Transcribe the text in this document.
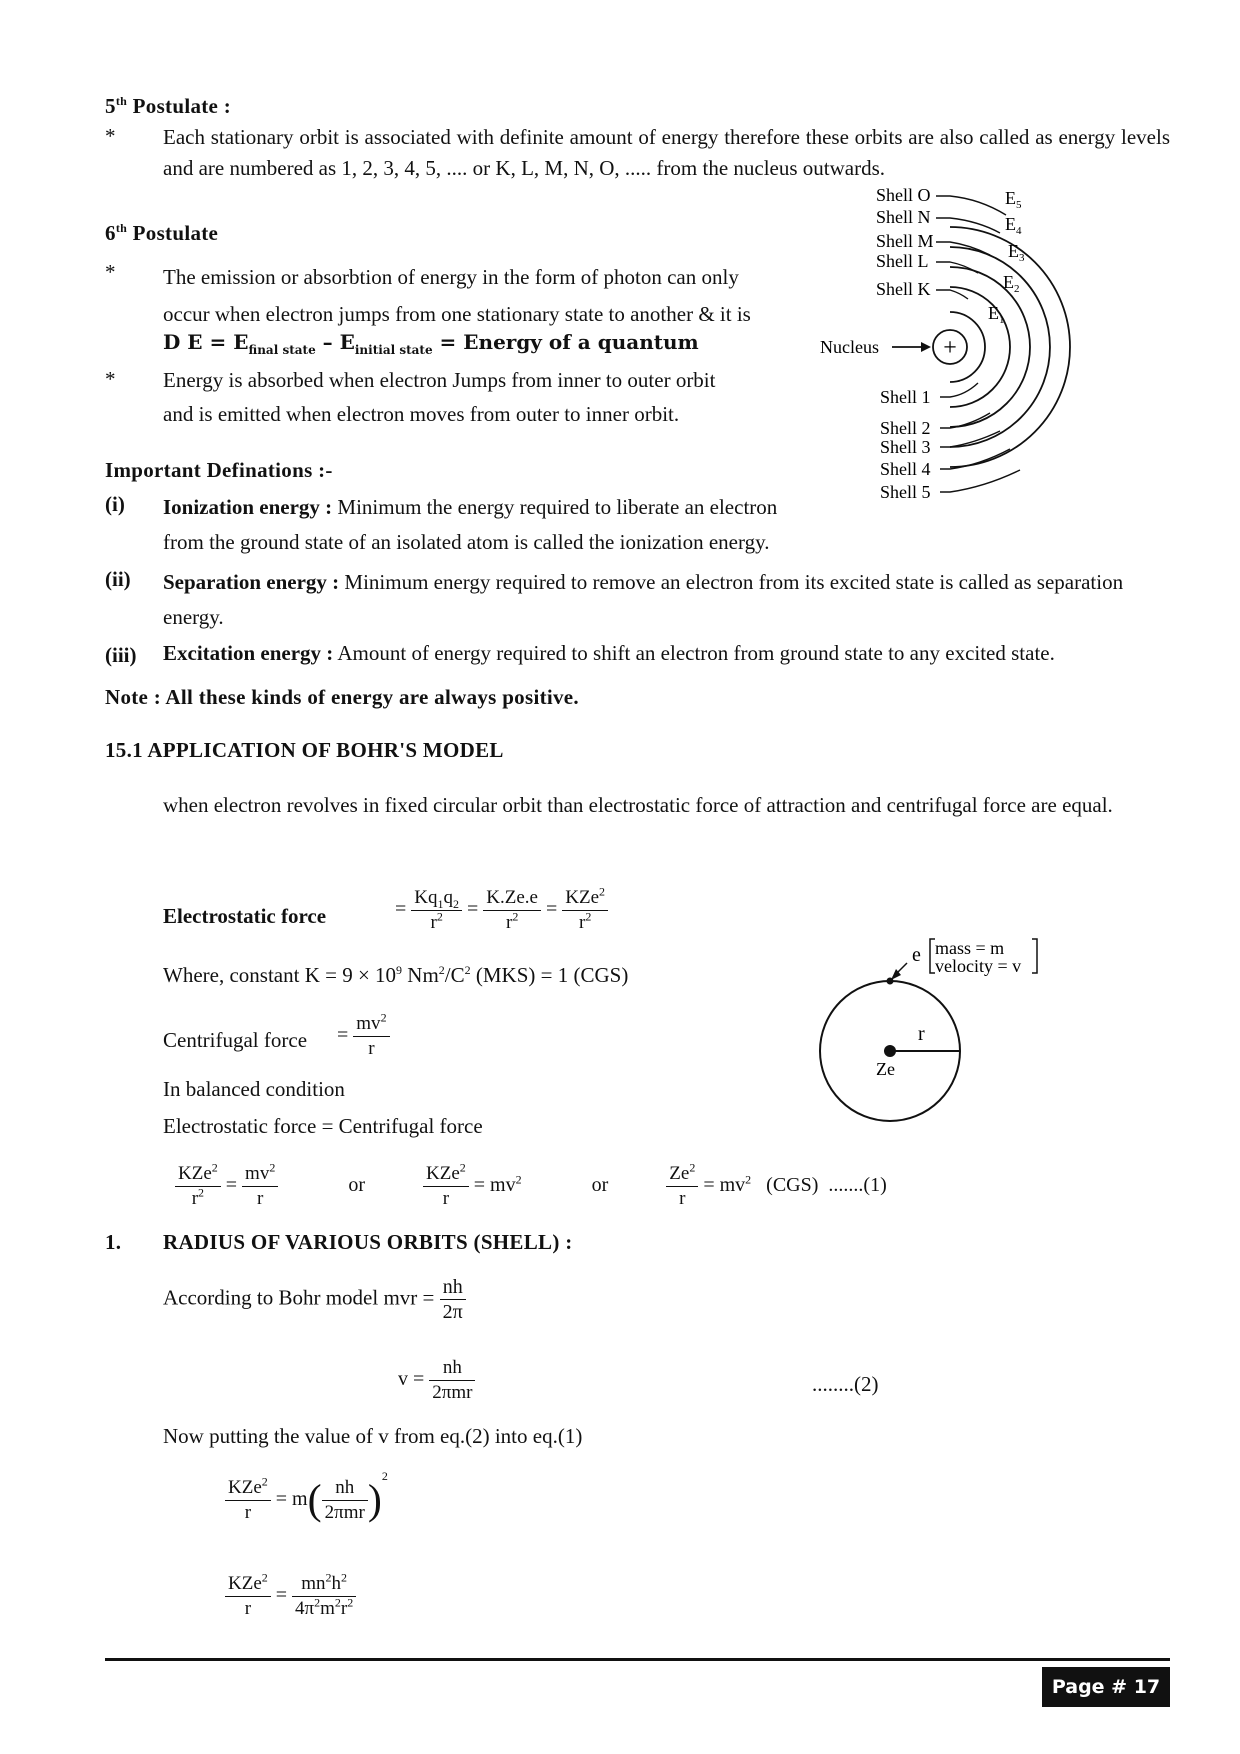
5th Postulate :
* Each stationary orbit is associated with definite amount of energy therefore these orbits are also called as energy levels and are numbered as 1, 2, 3, 4, 5, .... or K, L, M, N, O, ..... from the nucleus outwards.
6th Postulate
* The emission or absorbtion of energy in the form of photon can only
occur when electron jumps from one stationary state to another & it is
D $E = E_{final state} - E_{initial state}$ = Energy of a quantum
* Energy is absorbed when electron Jumps from inner to outer orbit
and is emitted when electron moves from outer to inner orbit.
+
Nucleus
Shell O
Shell N
Shell M
Shell L
Shell K
$E_5$
$E_4$
$E_3$
$E_2$
$E_1$
Shell 1
Shell 2
Shell 3
Shell 4
Shell 5
Important Definations :-
(i) Ionization energy : Minimum the energy required to liberate an electron
from the ground state of an isolated atom is called the ionization energy.
(ii) Separation energy : Minimum energy required to remove an electron from its excited state is called as separation
energy.
(iii) Excitation energy : Amount of energy required to shift an electron from ground state to any excited state.
Note : All these kinds of energy are always positive.
15.1 APPLICATION OF BOHR'S MODEL
when electron revolves in fixed circular orbit than electrostatic force of attraction and centrifugal force are equal.
Electrostatic force	= $\frac{Kq_1q_2}{r^2} = \frac{K.Ze.e}{r^2} = \frac{KZe^2}{r^2}$
Where, constant $K = 9 \times 10^9$ $Nm^2/C^2$ (MKS) = 1 (CGS)
Centrifugal force = $\frac{mv^2}{r}$
In balanced condition
Electrostatic force = Centrifugal force
$\frac{KZe^2}{r^2} = \frac{mv^2}{r}$	or	$\frac{KZe^2}{r} = mv^2$	or	$\frac{Ze^2}{r} = mv^2$ (CGS) .......(1)
e mass = m
velocity = v
r
Ze
1. RADIUS OF VARIOUS ORBITS (SHELL) :
According to Bohr model mvr = $\frac{nh}{2\pi}$
$v = \frac{nh}{\text{2πmr}}$	........(2)
Now putting the value of v from eq.(2) into eq.(1)
$\frac{KZe^2}{r} = m( \frac{nh}{\text{2πmr}} )^2$
$\frac{KZe^2}{r} = \frac{mn^2h^2}{4\pi^2m^2r^2}$
Page # 17
